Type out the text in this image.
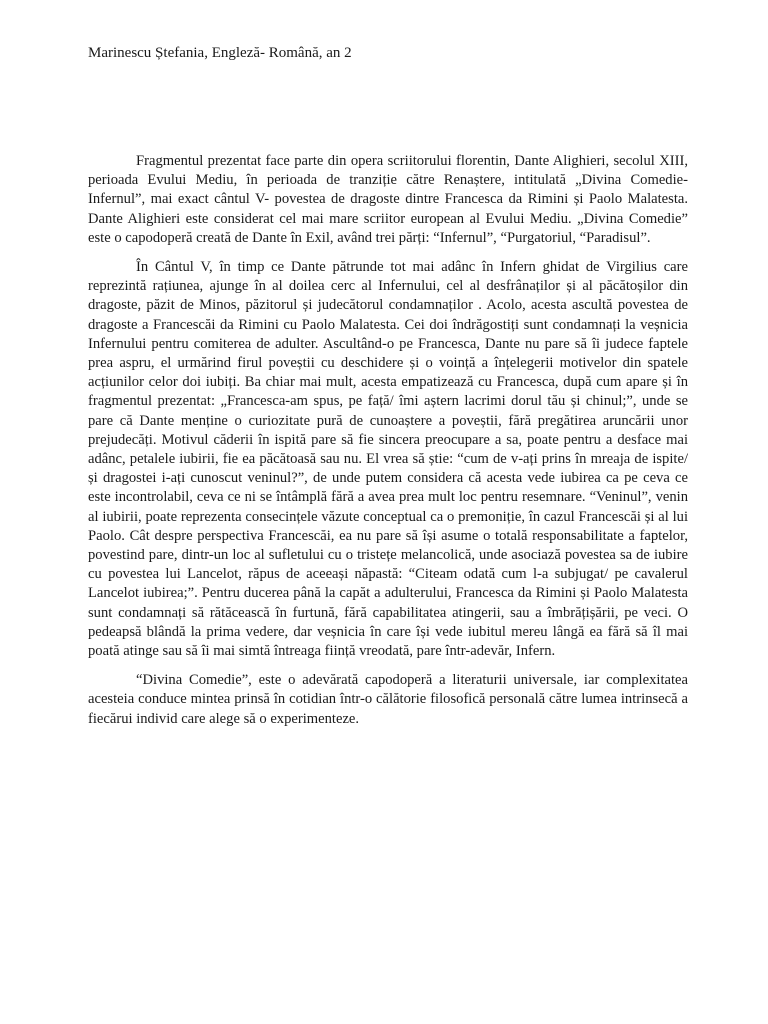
Marinescu Ștefania, Engleză- Română, an 2

Fragmentul prezentat face parte din opera scriitorului florentin, Dante Alighieri, secolul XIII, perioada Evului Mediu, în perioada de tranziție către Renaștere, intitulată „Divina Comedie- Infernul”, mai exact cântul V- povestea de dragoste dintre Francesca da Rimini și Paolo Malatesta. Dante Alighieri este considerat cel mai mare scriitor european al Evului Mediu. „Divina Comedie” este o capodoperă creată de Dante în Exil, având trei părți: “Infernul”, “Purgatoriul, “Paradisul”.

În Cântul V, în timp ce Dante pătrunde tot mai adânc în Infern ghidat de Virgilius care reprezintă rațiunea, ajunge în al doilea cerc al Infernului, cel al desfrânaților și al păcătoșilor din dragoste, păzit de Minos, păzitorul și judecătorul condamnaților . Acolo, acesta ascultă povestea de dragoste a Francescăi da Rimini cu Paolo Malatesta. Cei doi îndrăgostiți sunt condamnați la veșnicia Infernului pentru comiterea de adulter. Ascultând-o pe Francesca, Dante nu pare să îi judece faptele prea aspru, el urmărind firul poveștii cu deschidere și o voință a înțelegerii motivelor din spatele acțiunilor celor doi iubiți. Ba chiar mai mult, acesta empatizează cu Francesca, după cum apare și în fragmentul prezentat: „Francesca-am spus, pe față/ îmi aștern lacrimi dorul tău și chinul;”, unde se pare că Dante menține o curiozitate pură de cunoaștere a poveștii, fără pregătirea aruncării unor prejudecăți. Motivul căderii în ispită pare să fie sincera preocupare a sa, poate pentru a desface mai adânc, petalele iubirii, fie ea păcătoasă sau nu. El vrea să știe: “cum de v-ați prins în mreaja de ispite/ și dragostei i-ați cunoscut veninul?”, de unde putem considera că acesta vede iubirea ca pe ceva ce este incontrolabil, ceva ce ni se întâmplă fără a avea prea mult loc pentru resemnare. “Veninul”, venin al iubirii, poate reprezenta consecințele văzute conceptual ca o premoniție, în cazul Francescăi și al lui Paolo. Cât despre perspectiva Francescăi, ea nu pare să își asume o totală responsabilitate a faptelor, povestind pare, dintr-un loc al sufletului cu o tristețe melancolică, unde asociază povestea sa de iubire cu povestea lui Lancelot, răpus de aceeași năpastă: “Citeam odată cum l-a subjugat/ pe cavalerul Lancelot iubirea;”. Pentru ducerea până la capăt a adulterului, Francesca da Rimini și Paolo Malatesta sunt condamnați să rătăcească în furtună, fără capabilitatea atingerii, sau a îmbrățișării, pe veci. O pedeapsă blândă la prima vedere, dar veșnicia în care își vede iubitul mereu lângă ea fără să îl mai poată atinge sau să îi mai simtă întreaga ființă vreodată, pare într-adevăr, Infern.

“Divina Comedie”, este o adevărată capodoperă a literaturii universale, iar complexitatea acesteia conduce mintea prinsă în cotidian într-o călătorie filosofică personală către lumea intrinsecă a fiecărui individ care alege să o experimenteze.
